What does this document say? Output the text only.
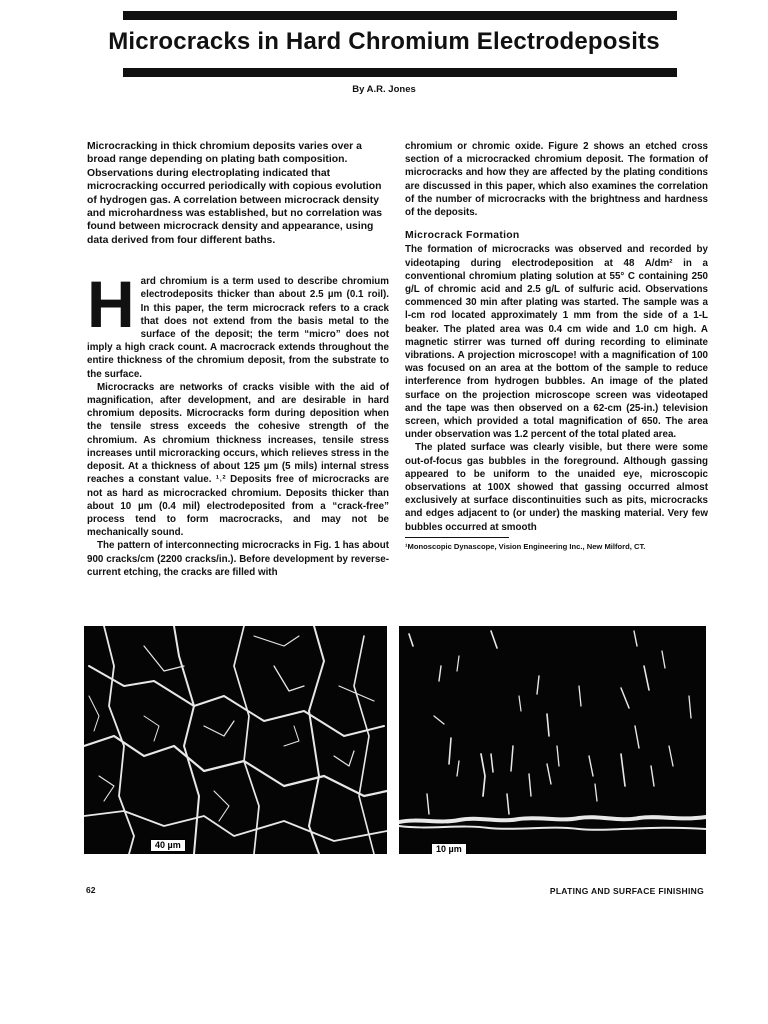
Microcracks in Hard Chromium Electrodeposits
By A.R. Jones

Microcracking in thick chromium deposits varies over a broad range depending on plating bath composition. Observations during electroplating indicated that microcracking occurred periodically with copious evolution of hydrogen gas. A correlation between microcrack density and microhardness was established, but no correlation was found between microcrack density and appearance, using data derived from four different baths.

Hard chromium is a term used to describe chromium electrodeposits thicker than about 2.5 µm (0.1 roil). In this paper, the term microcrack refers to a crack that does not extend from the basis metal to the surface of the deposit; the term “micro” does not imply a high crack count. A macrocrack extends throughout the entire thickness of the chromium deposit, from the substrate to the surface.

Microcracks are networks of cracks visible with the aid of magnification, after development, and are desirable in hard chromium deposits. Microcracks form during deposition when the tensile stress exceeds the cohesive strength of the chromium. As chromium thickness increases, tensile stress increases until microracking occurs, which relieves stress in the deposit. At a thickness of about 125 µm (5 mils) internal stress reaches a constant value. ¹˒² Deposits free of microcracks are not as hard as microcracked chromium. Deposits thicker than about 10 µm (0.4 mil) electrodeposited from a “crack-free” process tend to form macrocracks, and may not be mechanically sound.

The pattern of interconnecting microcracks in Fig. 1 has about 900 cracks/cm (2200 cracks/in.). Before development by reverse-current etching, the cracks are filled with

chromium or chromic oxide. Figure 2 shows an etched cross section of a microcracked chromium deposit. The formation of microcracks and how they are affected by the plating conditions are discussed in this paper, which also examines the correlation of the number of microcracks with the brightness and hardness of the deposits.

Microcrack Formation

The formation of microcracks was observed and recorded by videotaping during electrodeposition at 48 A/dm² in a conventional chromium plating solution at 55° C containing 250 g/L of chromic acid and 2.5 g/L of sulfuric acid. Observations commenced 30 min after plating was started. The sample was a l-cm rod located approximately 1 mm from the side of a 1-L beaker. The plated area was 0.4 cm wide and 1.0 cm high. A magnetic stirrer was turned off during recording to eliminate vibrations. A projection microscope! with a magnification of 100 was focused on an area at the bottom of the sample to reduce interference from hydrogen bubbles. An image of the plated surface on the projection microscope screen was videotaped and the tape was then observed on a 62-cm (25-in.) television screen, which provided a total magnification of 650. The area under observation was 1.2 percent of the total plated area.

The plated surface was clearly visible, but there were some out-of-focus gas bubbles in the foreground. Although gassing appeared to be uniform to the unaided eye, microscopic observations at 100X showed that gassing occurred almost exclusively at surface discontinuities such as pits, microcracks and edges adjacent to (or under) the masking material. Very few bubbles occurred at smooth

¹Monoscopic Dynascope, Vision Engineering Inc., New Milford, CT.

40 µm	10 µm
62	PLATING AND SURFACE FINISHING
